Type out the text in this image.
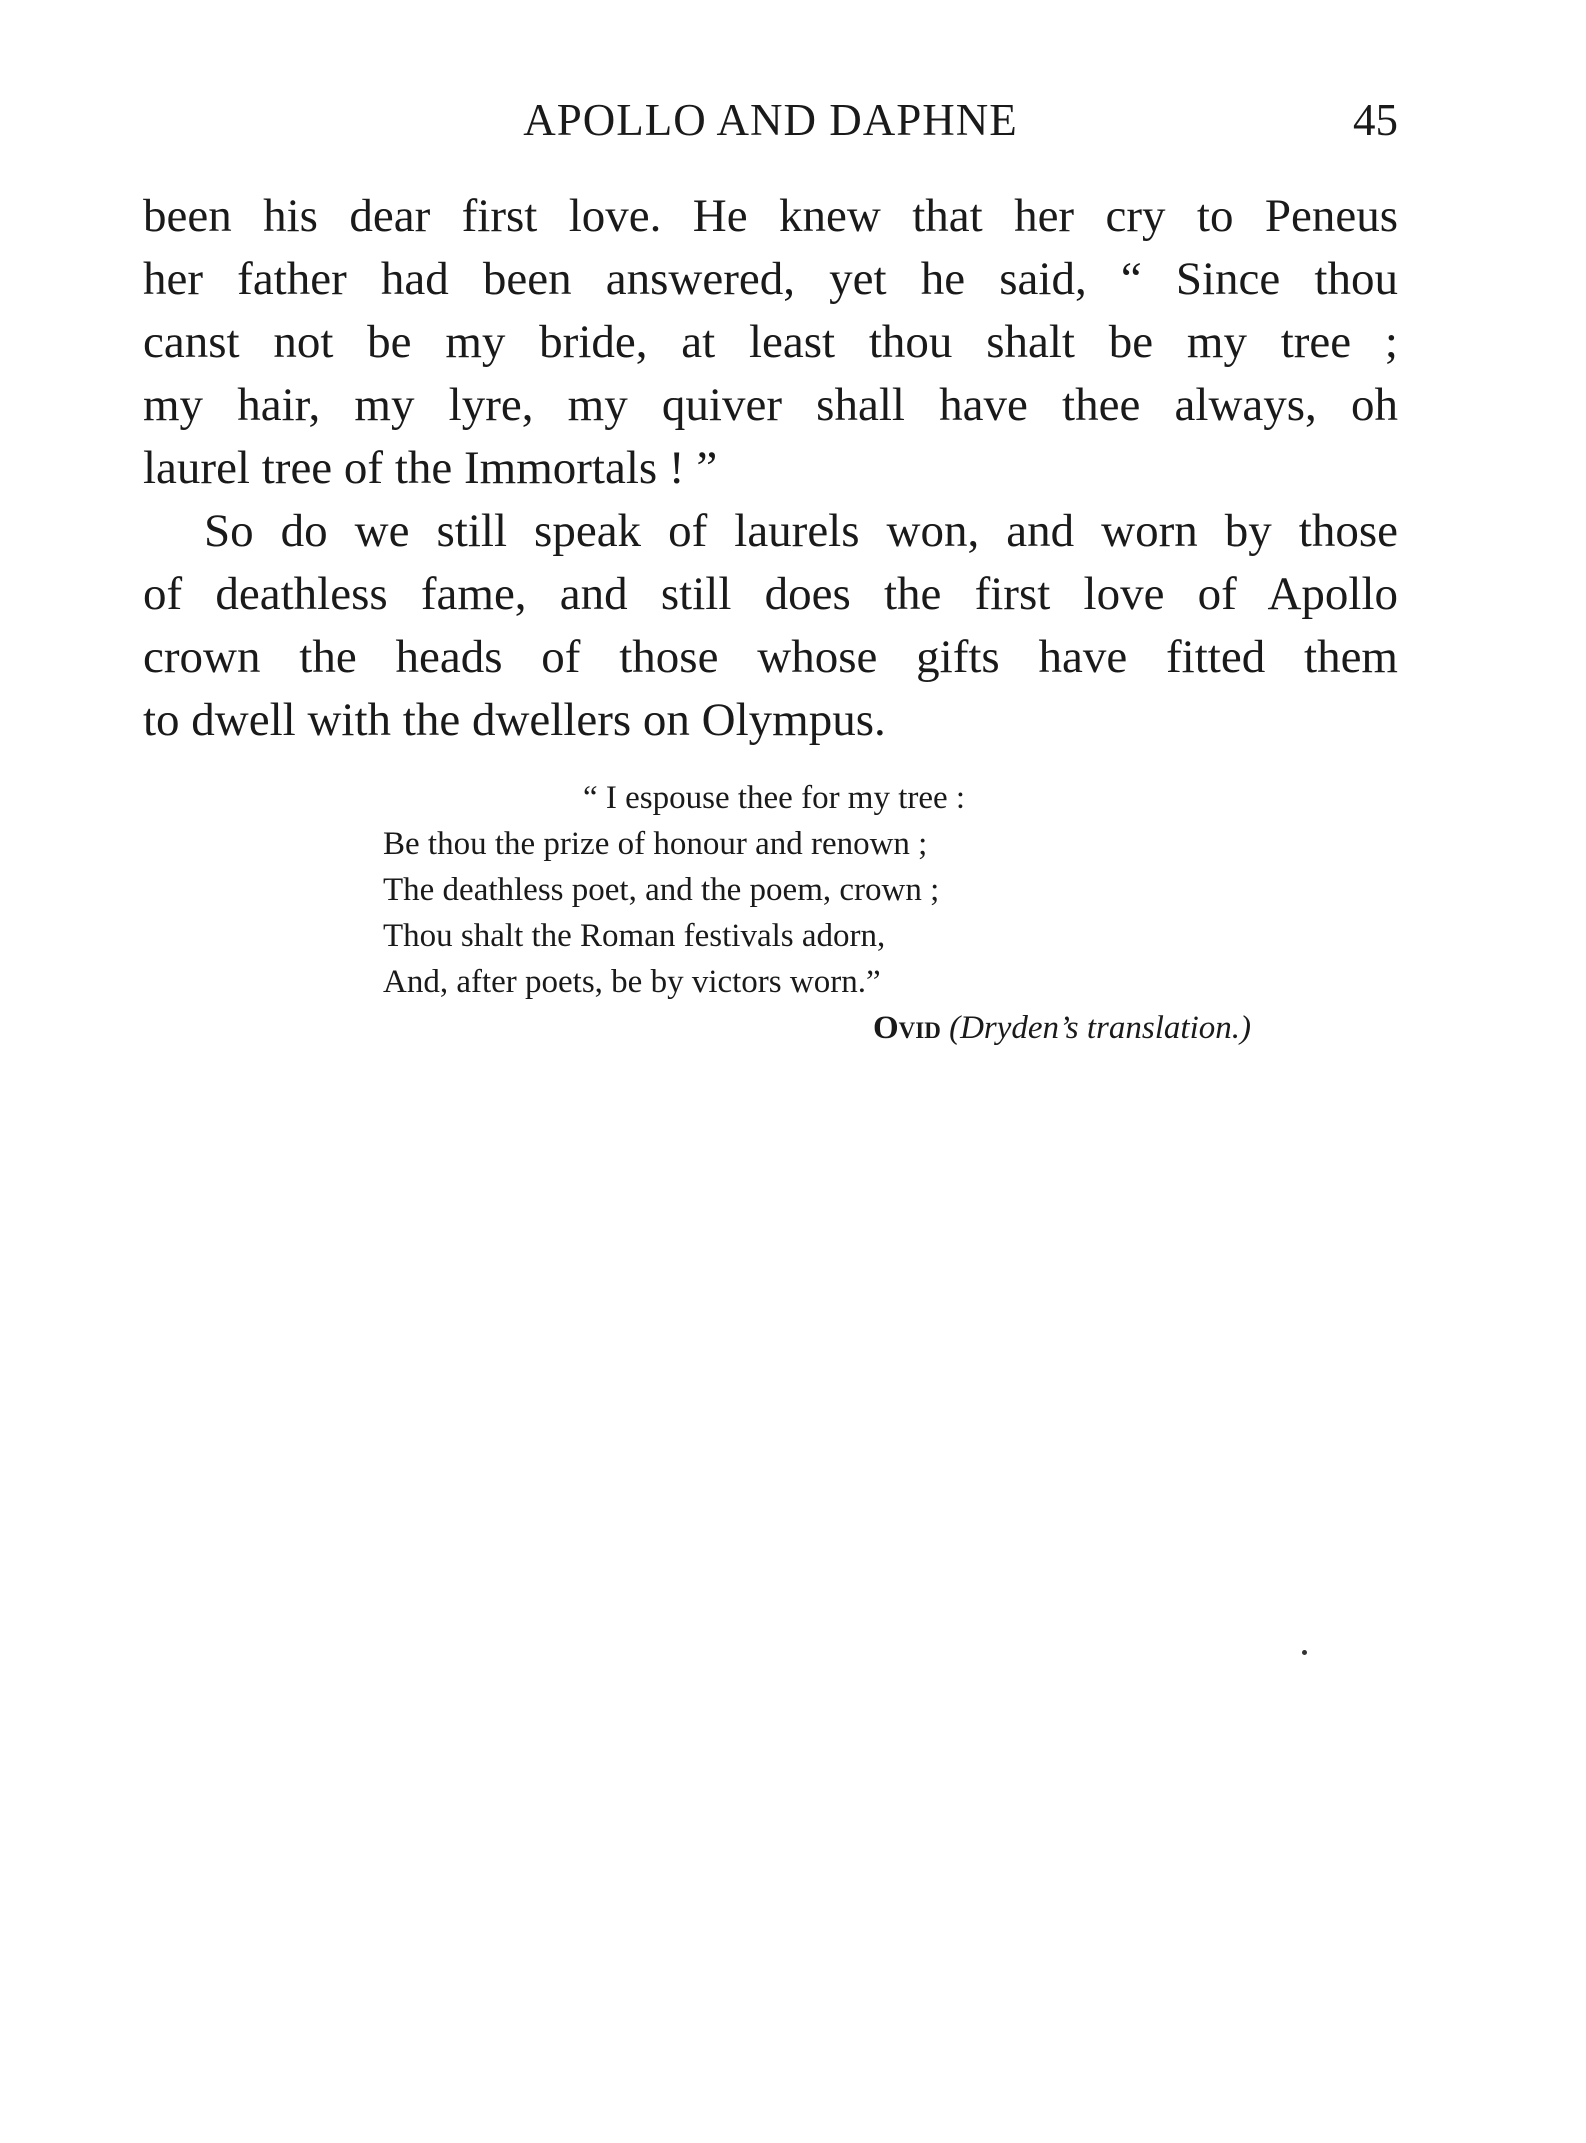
APOLLO AND DAPHNE	45
been his dear first love. He knew that her cry to Peneus
her father had been answered, yet he said, “ Since thou
canst not be my bride, at least thou shalt be my tree ;
my hair, my lyre, my quiver shall have thee always, oh
laurel tree of the Immortals ! ”
So do we still speak of laurels won, and worn by those
of deathless fame, and still does the first love of Apollo
crown the heads of those whose gifts have fitted them
to dwell with the dwellers on Olympus.
“ I espouse thee for my tree :
Be thou the prize of honour and renown ;
The deathless poet, and the poem, crown ;
Thou shalt the Roman festivals adorn,
And, after poets, be by victors worn.”
Ovid (Dryden’s translation.)
